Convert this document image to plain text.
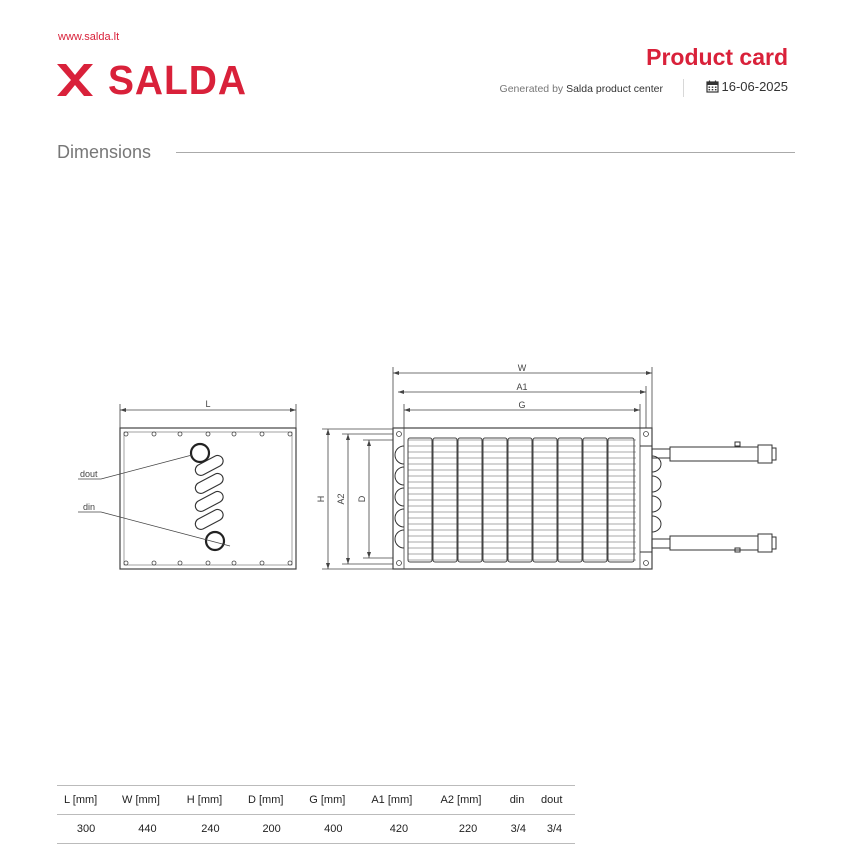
www.salda.lt
SALDA	Product card
Generated by Salda product center	16-06-2025
Dimensions
L
dout
din
W
A1
G
H A2 D
L [mm]	W [mm]	H [mm]	D [mm]	G [mm]	A1 [mm]	A2 [mm]	din	dout
300	440	240	200	400	420	220	3/4	3/4
